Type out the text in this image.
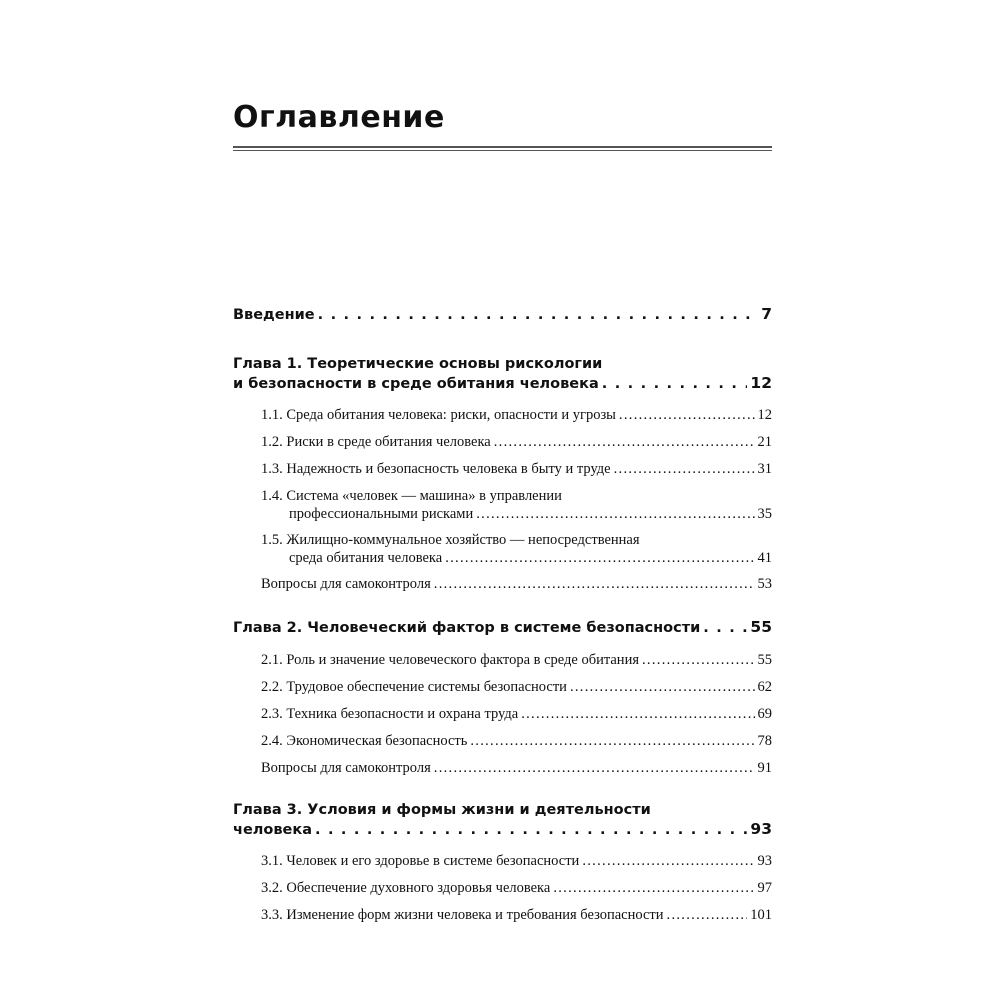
Оглавление
Введение . . .	7
Глава 1. Теоретические основы рискологии
и безопасности в среде обитания человека . . .	12
1.1. Среда обитания человека: риски, опасности и угрозы .....	12
1.2. Риски в среде обитания человека .....	21
1.3. Надежность и безопасность человека в быту и труде .....	31
1.4. Система «человек — машина» в управлении
профессиональными рисками .....	35
1.5. Жилищно-коммунальное хозяйство — непосредственная
среда обитания человека .....	41
Вопросы для самоконтроля .....	53
Глава 2. Человеческий фактор в системе безопасности . . .	55
2.1. Роль и значение человеческого фактора в среде обитания .....	55
2.2. Трудовое обеспечение системы безопасности .....	62
2.3. Техника безопасности и охрана труда .....	69
2.4. Экономическая безопасность .....	78
Вопросы для самоконтроля .....	91
Глава 3. Условия и формы жизни и деятельности
человека . . .	93
3.1. Человек и его здоровье в системе безопасности .....	93
3.2. Обеспечение духовного здоровья человека .....	97
3.3. Изменение форм жизни человека и требования безопасности .....	101
